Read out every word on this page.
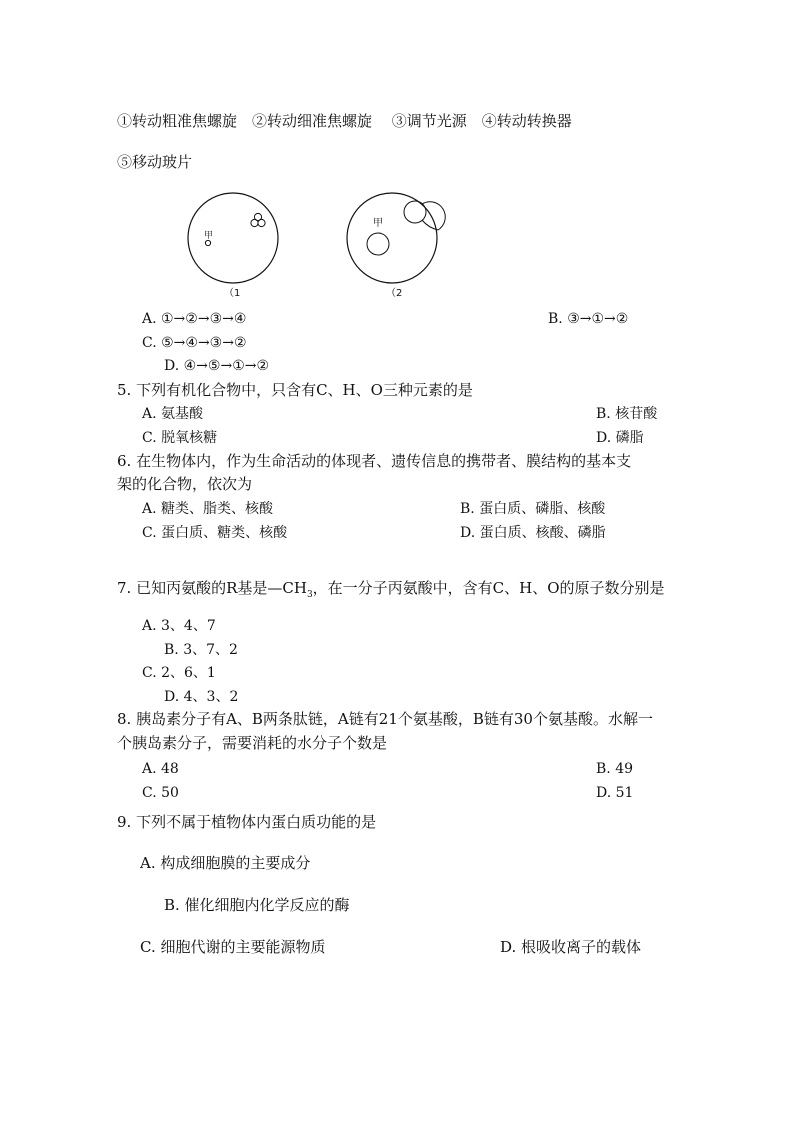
①转动粗准焦螺旋　②转动细准焦螺旋　 ③调节光源　④转动转换器
⑤移动玻片
甲
（1
甲
（2
A. ①→②→③→④	B. ③→①→②
C. ⑤→④→③→②
D. ④→⑤→①→②
5. 下列有机化合物中，只含有C、H、O三种元素的是
A. 氨基酸	B. 核苷酸
C. 脱氧核糖	D. 磷脂
6. 在生物体内，作为生命活动的体现者、遗传信息的携带者、膜结构的基本支
架的化合物，依次为
A. 糖类、脂类、核酸	B. 蛋白质、磷脂、核酸
C. 蛋白质、糖类、核酸	D. 蛋白质、核酸、磷脂
7. 已知丙氨酸的R基是$—CH_3$，在一分子丙氨酸中，含有C、H、O的原子数分别是
A. 3、4、7
B. 3、7、2
C. 2、6、1
D. 4、3、2
8. 胰岛素分子有A、B两条肽链，A链有21个氨基酸，B链有30个氨基酸。水解一
个胰岛素分子，需要消耗的水分子个数是
A. 48	B. 49
C. 50	D. 51
9. 下列不属于植物体内蛋白质功能的是
A. 构成细胞膜的主要成分
B. 催化细胞内化学反应的酶
C. 细胞代谢的主要能源物质	D. 根吸收离子的载体
